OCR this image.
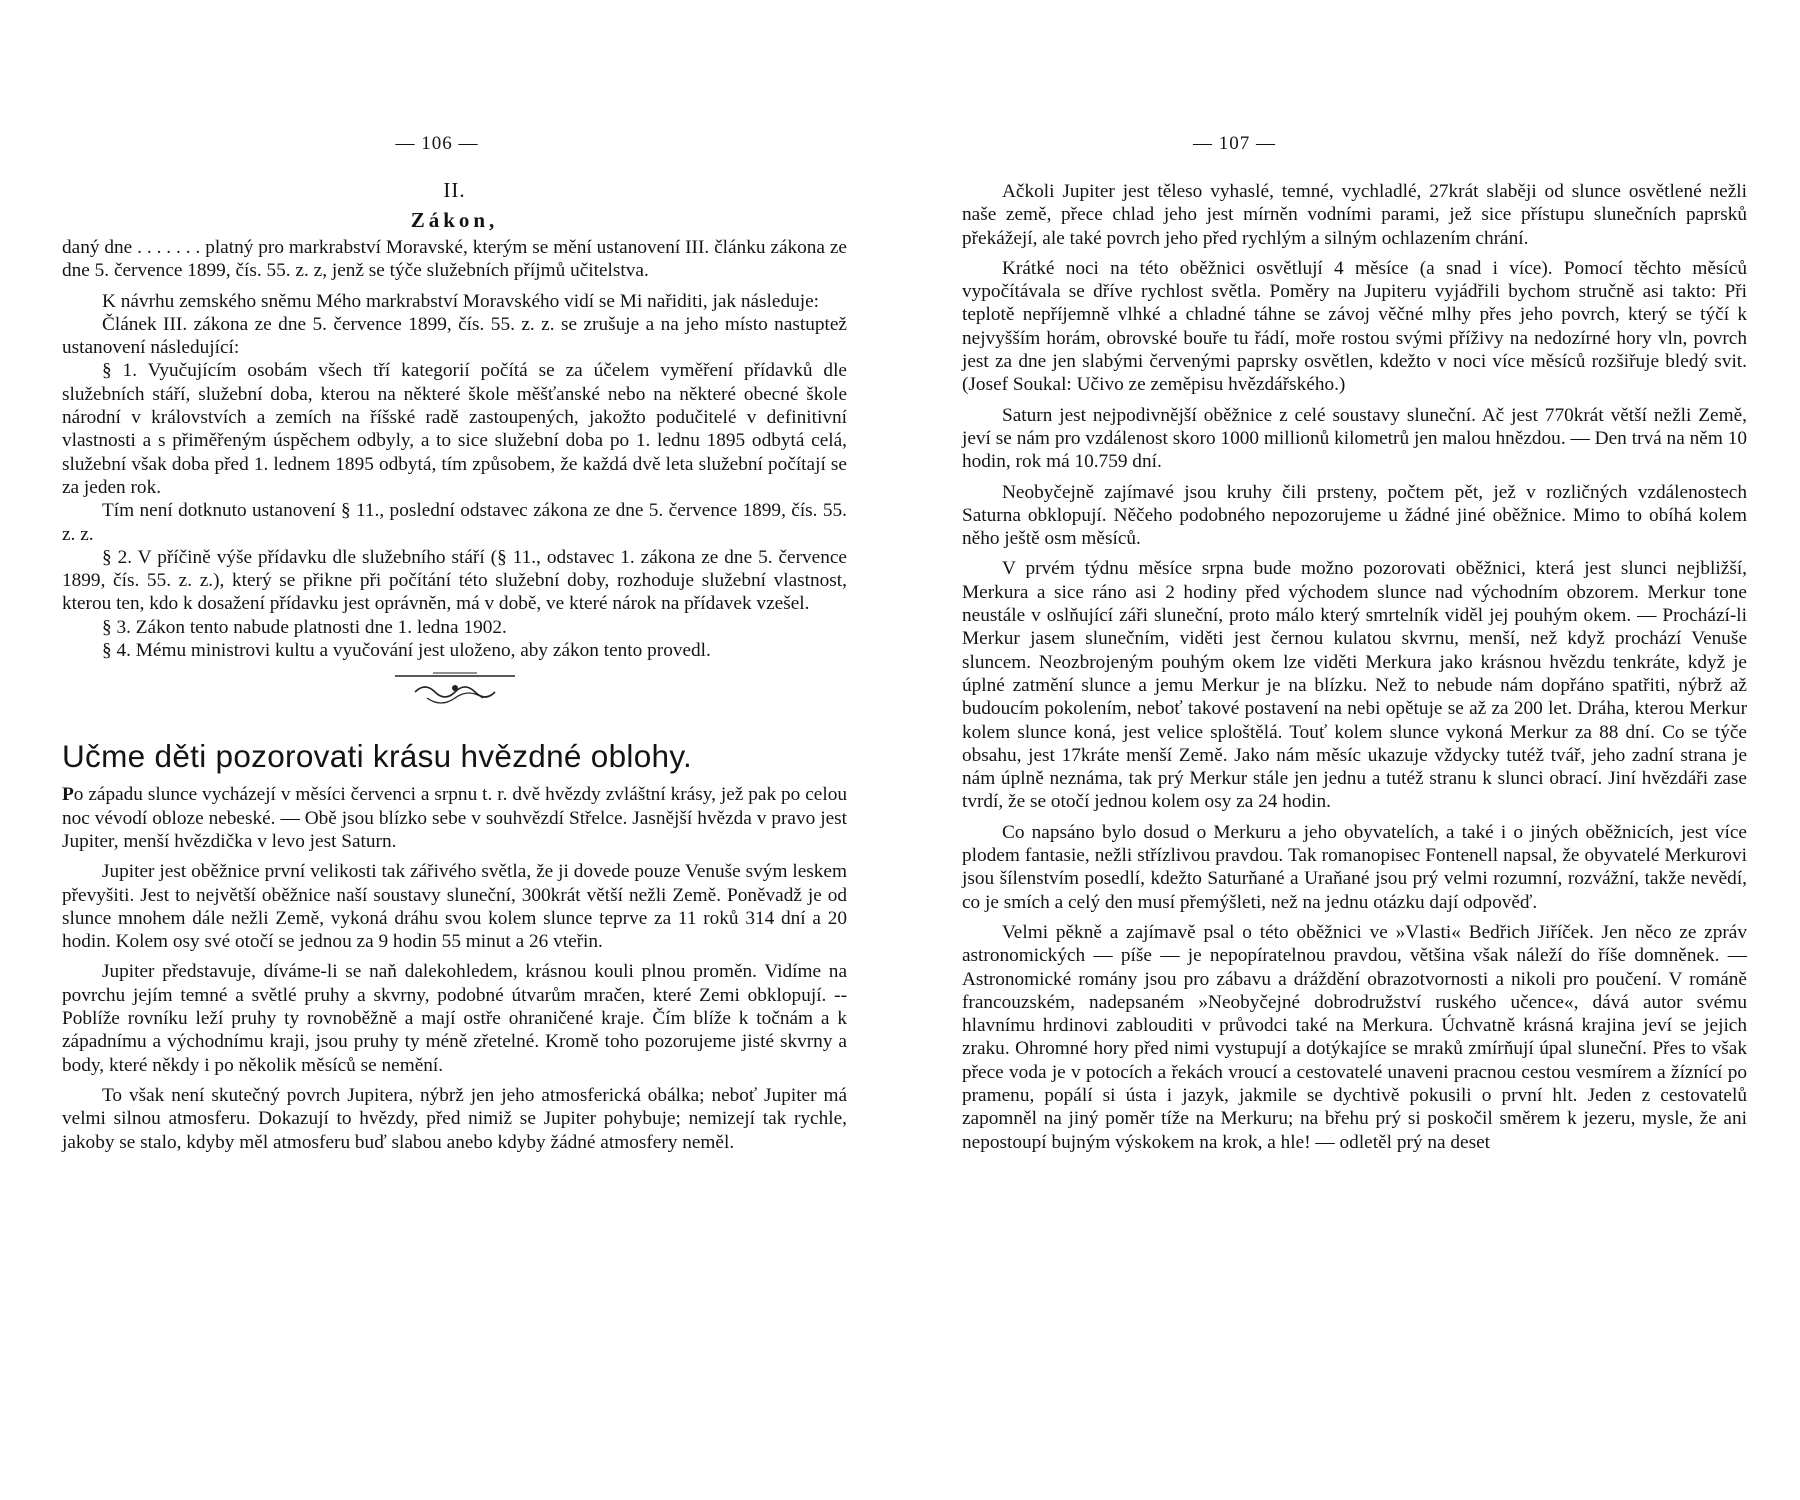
— 106 —
II.
Zákon,

daný dne . . . . . . . platný pro markrabství Moravské, kterým se mění ustanovení III. článku zákona ze dne 5. července 1899, čís. 55. z. z, jenž se týče služebních příjmů učitelstva.

K návrhu zemského sněmu Mého markrabství Moravského vidí se Mi nařiditi, jak následuje:

Článek III. zákona ze dne 5. července 1899, čís. 55. z. z. se zrušuje a na jeho místo nastuptež ustanovení následující:

§ 1. Vyučujícím osobám všech tří kategorií počítá se za účelem vyměření přídavků dle služebních stáří, služební doba, kterou na některé škole měšťanské nebo na některé obecné škole národní v královstvích a zemích na říšské radě zastoupených, jakožto podučitelé v definitivní vlastnosti a s přiměřeným úspěchem odbyly, a to sice služební doba po 1. lednu 1895 odbytá celá, služební však doba před 1. lednem 1895 odbytá, tím způsobem, že každá dvě leta služební počítají se za jeden rok.

Tím není dotknuto ustanovení § 11., poslední odstavec zákona ze dne 5. července 1899, čís. 55. z. z.

§ 2. V příčině výše přídavku dle služebního stáří (§ 11., odstavec 1. zákona ze dne 5. července 1899, čís. 55. z. z.), který se přikne při počítání této služební doby, rozhoduje služební vlastnost, kterou ten, kdo k dosažení přídavku jest oprávněn, má v době, ve které nárok na přídavek vzešel.

§ 3. Zákon tento nabude platnosti dne 1. ledna 1902.

§ 4. Mému ministrovi kultu a vyučování jest uloženo, aby zákon tento provedl.

Učme děti pozorovati krásu hvězdné oblohy.

Po západu slunce vycházejí v měsíci červenci a srpnu t. r. dvě hvězdy zvláštní krásy, jež pak po celou noc vévodí obloze nebeské. — Obě jsou blízko sebe v souhvězdí Střelce. Jasnější hvězda v pravo jest Jupiter, menší hvězdička v levo jest Saturn.

Jupiter jest oběžnice první velikosti tak zářivého světla, že ji dovede pouze Venuše svým leskem převyšiti. Jest to největší oběžnice naší soustavy sluneční, 300krát větší nežli Země. Poněvadž je od slunce mnohem dále nežli Země, vykoná dráhu svou kolem slunce teprve za 11 roků 314 dní a 20 hodin. Kolem osy své otočí se jednou za 9 hodin 55 minut a 26 vteřin.

Jupiter představuje, díváme-li se naň dalekohledem, krásnou kouli plnou proměn. Vidíme na povrchu jejím temné a světlé pruhy a skvrny, podobné útvarům mračen, které Zemi obklopují. -- Poblíže rovníku leží pruhy ty rovnoběžně a mají ostře ohraničené kraje. Čím blíže k točnám a k západnímu a východnímu kraji, jsou pruhy ty méně zřetelné. Kromě toho pozorujeme jisté skvrny a body, které někdy i po několik měsíců se nemění.

To však není skutečný povrch Jupitera, nýbrž jen jeho atmosferická obálka; neboť Jupiter má velmi silnou atmosferu. Dokazují to hvězdy, před nimiž se Jupiter pohybuje; nemizejí tak rychle, jakoby se stalo, kdyby měl atmosferu buď slabou anebo kdyby žádné atmosfery neměl.

— 107 —

Ačkoli Jupiter jest těleso vyhaslé, temné, vychladlé, 27krát slaběji od slunce osvětlené nežli naše země, přece chlad jeho jest mírněn vodními parami, jež sice přístupu slunečních paprsků překážejí, ale také povrch jeho před rychlým a silným ochlazením chrání.

Krátké noci na této oběžnici osvětlují 4 měsíce (a snad i více). Pomocí těchto měsíců vypočítávala se dříve rychlost světla. Poměry na Jupiteru vyjádřili bychom stručně asi takto: Při teplotě nepříjemně vlhké a chladné táhne se závoj věčné mlhy přes jeho povrch, který se týčí k nejvyšším horám, obrovské bouře tu řádí, moře rostou svými příživy na nedozírné hory vln, povrch jest za dne jen slabými červenými paprsky osvětlen, kdežto v noci více měsíců rozšiřuje bledý svit. (Josef Soukal: Učivo ze zeměpisu hvězdářského.)

Saturn jest nejpodivnější oběžnice z celé soustavy sluneční. Ač jest 770krát větší nežli Země, jeví se nám pro vzdálenost skoro 1000 millionů kilometrů jen malou hnězdou. — Den trvá na něm 10 hodin, rok má 10.759 dní.

Neobyčejně zajímavé jsou kruhy čili prsteny, počtem pět, jež v rozličných vzdálenostech Saturna obklopují. Něčeho podobného nepozorujeme u žádné jiné oběžnice. Mimo to obíhá kolem něho ještě osm měsíců.

V prvém týdnu měsíce srpna bude možno pozorovati oběžnici, která jest slunci nejbližší, Merkura a sice ráno asi 2 hodiny před východem slunce nad východním obzorem. Merkur tone neustále v oslňující záři sluneční, proto málo který smrtelník viděl jej pouhým okem. — Prochází-li Merkur jasem slunečním, viděti jest černou kulatou skvrnu, menší, než když prochází Venuše sluncem. Neozbrojeným pouhým okem lze viděti Merkura jako krásnou hvězdu tenkráte, když je úplné zatmění slunce a jemu Merkur je na blízku. Než to nebude nám dopřáno spatřiti, nýbrž až budoucím pokolením, neboť takové postavení na nebi opětuje se až za 200 let. Dráha, kterou Merkur kolem slunce koná, jest velice sploštělá. Touť kolem slunce vykoná Merkur za 88 dní. Co se týče obsahu, jest 17kráte menší Země. Jako nám měsíc ukazuje vždycky tutéž tvář, jeho zadní strana je nám úplně neznáma, tak prý Merkur stále jen jednu a tutéž stranu k slunci obrací. Jiní hvězdáři zase tvrdí, že se otočí jednou kolem osy za 24 hodin.

Co napsáno bylo dosud o Merkuru a jeho obyvatelích, a také i o jiných oběžnicích, jest více plodem fantasie, nežli střízlivou pravdou. Tak romanopisec Fontenell napsal, že obyvatelé Merkurovi jsou šílenstvím posedlí, kdežto Saturňané a Uraňané jsou prý velmi rozumní, rozvážní, takže nevědí, co je smích a celý den musí přemýšleti, než na jednu otázku dají odpověď.

Velmi pěkně a zajímavě psal o této oběžnici ve »Vlasti« Bedřich Jiříček. Jen něco ze zpráv astronomických — píše — je nepopíratelnou pravdou, většina však náleží do říše domněnek. — Astronomické romány jsou pro zábavu a dráždění obrazotvornosti a nikoli pro poučení. V románě francouzském, nadepsaném »Neobyčejné dobrodružství ruského učence«, dává autor svému hlavnímu hrdinovi zablouditi v průvodci také na Merkura. Úchvatně krásná krajina jeví se jejich zraku. Ohromné hory před nimi vystupují a dotýkajíce se mraků zmírňují úpal sluneční. Přes to však přece voda je v potocích a řekách vroucí a cestovatelé unaveni pracnou cestou vesmírem a žíznící po pramenu, popálí si ústa i jazyk, jakmile se dychtivě pokusili o první hlt. Jeden z cestovatelů zapomněl na jiný poměr tíže na Merkuru; na břehu prý si poskočil směrem k jezeru, mysle, že ani nepostoupí bujným výskokem na krok, a hle! — odletěl prý na deset
